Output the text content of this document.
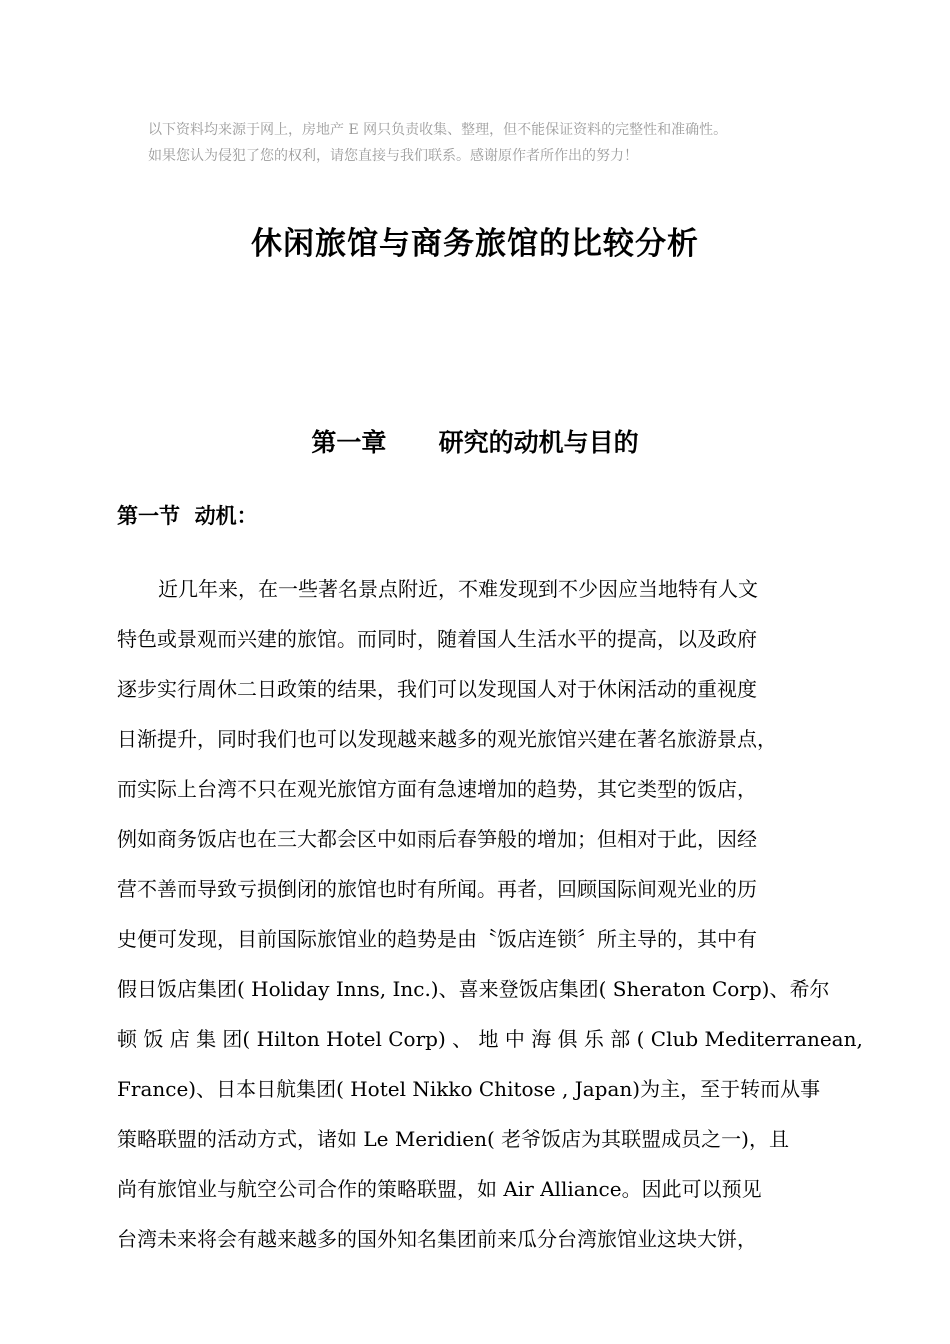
以下资料均来源于网上，房地产 E 网只负责收集、整理，但不能保证资料的完整性和准确性。
如果您认为侵犯了您的权利，请您直接与我们联系。感谢原作者所作出的努力！
休闲旅馆与商务旅馆的比较分析
第一章      研究的动机与目的
第一节  动机：
近几年来，在一些著名景点附近，不难发现到不少因应当地特有人文
特色或景观而兴建的旅馆。而同时，随着国人生活水平的提高，以及政府
逐步实行周休二日政策的结果，我们可以发现国人对于休闲活动的重视度
日渐提升，同时我们也可以发现越来越多的观光旅馆兴建在著名旅游景点，
而实际上台湾不只在观光旅馆方面有急速增加的趋势，其它类型的饭店，
例如商务饭店也在三大都会区中如雨后春笋般的增加；但相对于此，因经
营不善而导致亏损倒闭的旅馆也时有所闻。再者，回顾国际间观光业的历
史便可发现，目前国际旅馆业的趋势是由〝饭店连锁〞所主导的，其中有
假日饭店集团( Holiday Inns, Inc.)、喜来登饭店集团( Sheraton Corp)、希尔
顿 饭 店 集 团( Hilton Hotel Corp) 、 地 中 海 俱 乐 部 ( Club Mediterranean,
France)、日本日航集团( Hotel Nikko Chitose , Japan)为主，至于转而从事
策略联盟的活动方式，诸如 Le Meridien( 老爷饭店为其联盟成员之一)，且
尚有旅馆业与航空公司合作的策略联盟，如 Air Alliance。因此可以预见
台湾未来将会有越来越多的国外知名集团前来瓜分台湾旅馆业这块大饼，
